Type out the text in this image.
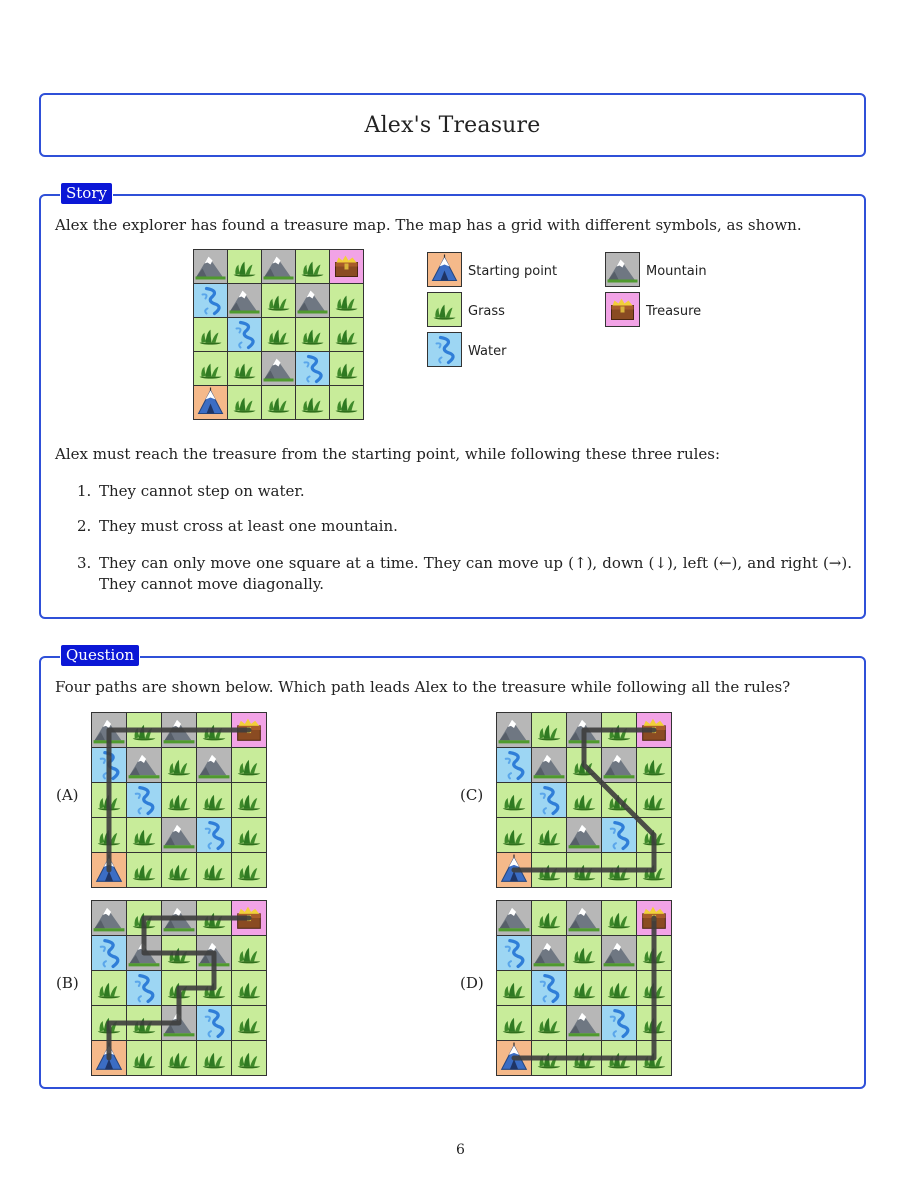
Alex's Treasure
Story
Alex the explorer has found a treasure map. The map has a grid with different symbols, as shown.
Starting point
Grass
Water
Mountain
Treasure
Alex must reach the treasure from the starting point, while following these three rules:
1. They cannot step on water.
2. They must cross at least one mountain.
3. They can only move one square at a time. They can move up (↑), down (↓), left (←), and right (→). They cannot move diagonally.
Question
Four paths are shown below. Which path leads Alex to the treasure while following all the rules?
(A)	(C)
(B)	(D)
6
